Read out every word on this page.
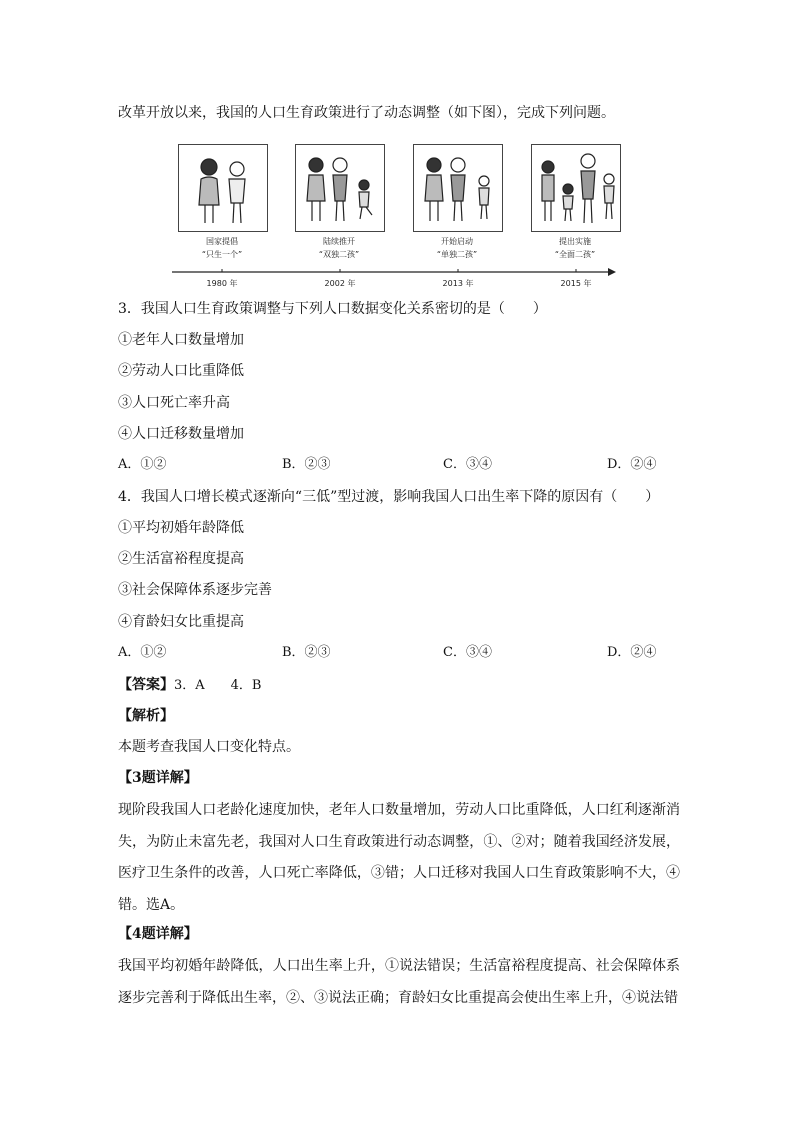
改革开放以来，我国的人口生育政策进行了动态调整（如下图），完成下列问题。
国家提倡
“只生一个”
陆续推开
“双独二孩”
开始启动
“单独二孩”
提出实施
“全面二孩”
1980 年	2002 年	2013 年	2015 年
3．我国人口生育政策调整与下列人口数据变化关系密切的是（　　）
①老年人口数量增加
②劳动人口比重降低
③人口死亡率升高
④人口迁移数量增加
A．①②	B．②③	C．③④	D．②④
4．我国人口增长模式逐渐向“三低”型过渡，影响我国人口出生率下降的原因有（　　）
①平均初婚年龄降低
②生活富裕程度提高
③社会保障体系逐步完善
④育龄妇女比重提高
A．①②	B．②③	C．③④	D．②④
【答案】3．A　　4．B
【解析】
本题考查我国人口变化特点。
【3题详解】
现阶段我国人口老龄化速度加快，老年人口数量增加，劳动人口比重降低，人口红利逐渐消失，为防止未富先老，我国对人口生育政策进行动态调整，①、②对；随着我国经济发展，医疗卫生条件的改善，人口死亡率降低，③错；人口迁移对我国人口生育政策影响不大，④错。选A。
【4题详解】
我国平均初婚年龄降低，人口出生率上升，①说法错误；生活富裕程度提高、社会保障体系逐步完善利于降低出生率，②、③说法正确；育龄妇女比重提高会使出生率上升，④说法错
